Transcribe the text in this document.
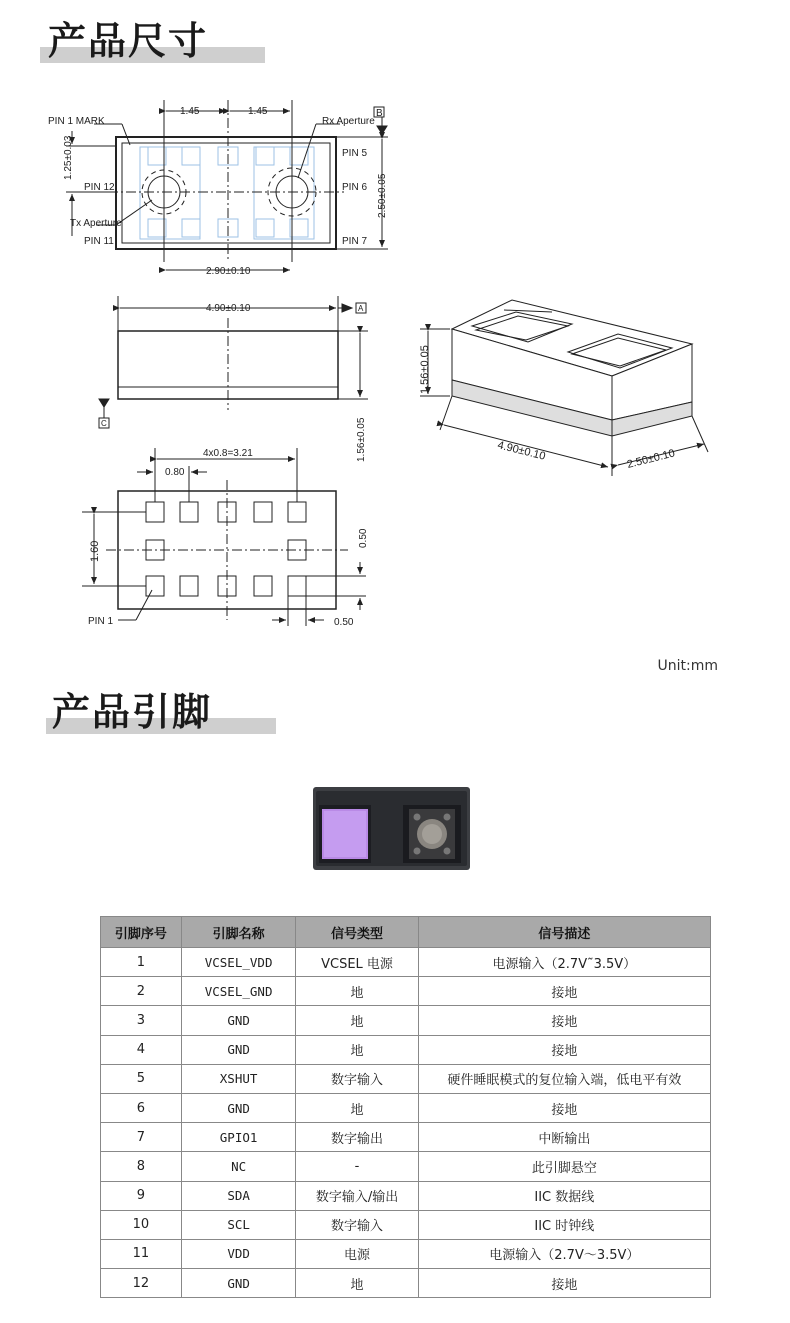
产品尺寸
PIN 1 MARK	Rx Aperture
Tx Aperture
PIN 5
PIN 6
PIN 7
PIN 12
PIN 11
1.45	1.45
2.90±0.10
B
2.50±0.05
1.25±0.03
4.90±0.10	A
C	1.56±0.05
1.56±0.05
4.90±0.10	2.50±0.10
4x0.8=3.21
0.80
1.60
0.50
0.50
PIN 1
Unit:mm
产品引脚
引脚序号	引脚名称	信号类型	信号描述
1	VCSEL_VDD	VCSEL 电源	电源输入（2.7V˜3.5V）
2	VCSEL_GND	地	接地
3	GND	地	接地
4	GND	地	接地
5	XSHUT	数字输入	硬件睡眠模式的复位输入端，低电平有效
6	GND	地	接地
7	GPIO1	数字输出	中断输出
8	NC	-	此引脚悬空
9	SDA	数字输入/输出	IIC 数据线
10	SCL	数字输入	IIC 时钟线
11	VDD	电源	电源输入（2.7V～3.5V）
12	GND	地	接地
